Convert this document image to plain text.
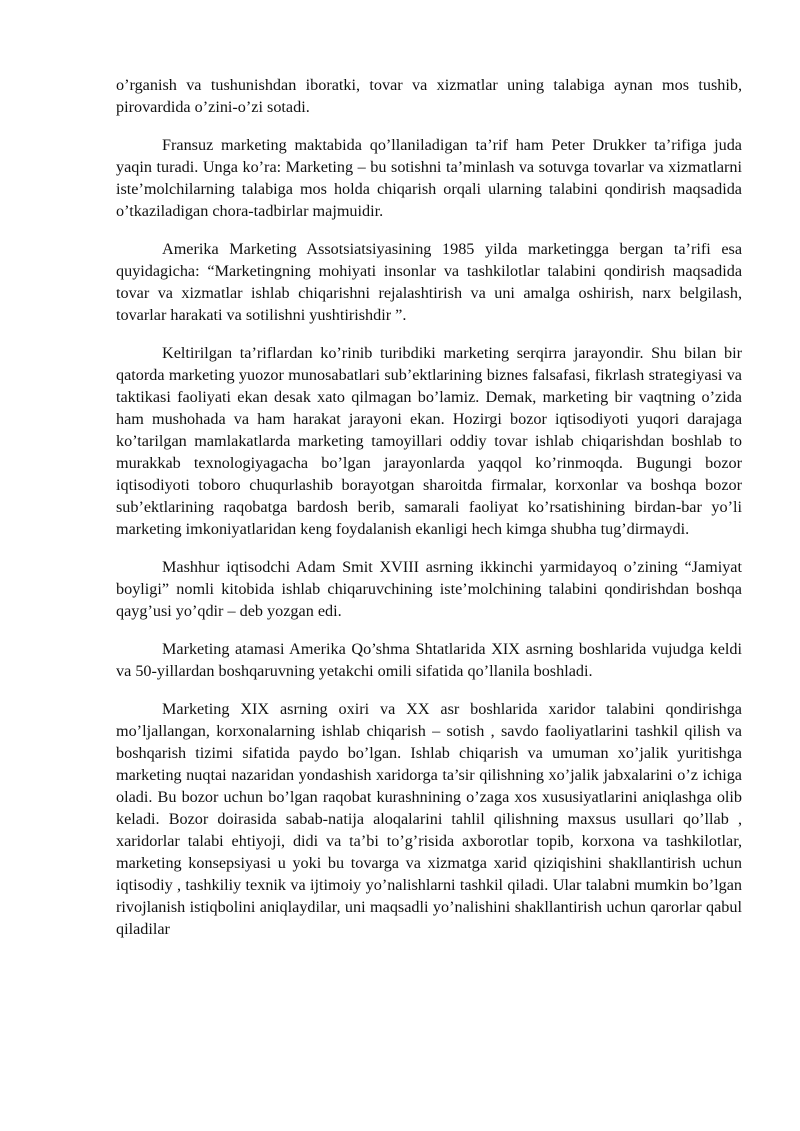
o’rganish va tushunishdan iboratki, tovar va xizmatlar uning talabiga aynan mos tushib, pirovardida o’zini-o’zi sotadi.

Fransuz marketing maktabida qo’llaniladigan ta’rif ham Peter Drukker ta’rifiga juda yaqin turadi. Unga ko’ra: Marketing – bu sotishni ta’minlash va sotuvga tovarlar va xizmatlarni iste’molchilarning talabiga mos holda chiqarish orqali ularning talabini qondirish maqsadida o’tkaziladigan chora-tadbirlar majmuidir.

Amerika Marketing Assotsiatsiyasining 1985 yilda marketingga bergan ta’rifi esa quyidagicha: “Marketingning mohiyati insonlar va tashkilotlar talabini qondirish maqsadida tovar va xizmatlar ishlab chiqarishni rejalashtirish va uni amalga oshirish, narx belgilash, tovarlar harakati va sotilishni yushtirishdir ”.

Keltirilgan ta’riflardan ko’rinib turibdiki marketing serqirra jarayondir. Shu bilan bir qatorda marketing yuozor munosabatlari sub’ektlarining biznes falsafasi, fikrlash strategiyasi va taktikasi faoliyati ekan desak xato qilmagan bo’lamiz. Demak, marketing bir vaqtning o’zida ham mushohada va ham harakat jarayoni ekan. Hozirgi bozor iqtisodiyoti yuqori darajaga ko’tarilgan mamlakatlarda marketing tamoyillari oddiy tovar ishlab chiqarishdan boshlab to murakkab texnologiyagacha bo’lgan jarayonlarda yaqqol ko’rinmoqda. Bugungi bozor iqtisodiyoti toboro chuqurlashib borayotgan sharoitda firmalar, korxonlar va boshqa bozor sub’ektlarining raqobatga bardosh berib, samarali faoliyat ko’rsatishining birdan-bar yo’li marketing imkoniyatlaridan keng foydalanish ekanligi hech kimga shubha tug’dirmaydi.

Mashhur iqtisodchi Adam Smit XVIII asrning ikkinchi yarmidayoq o’zining “Jamiyat boyligi” nomli kitobida ishlab chiqaruvchining iste’molchining talabini qondirishdan boshqa qayg’usi yo’qdir – deb yozgan edi.

Marketing atamasi Amerika Qo’shma Shtatlarida XIX asrning boshlarida vujudga keldi va 50-yillardan boshqaruvning yetakchi omili sifatida qo’llanila boshladi.

Marketing XIX asrning oxiri va XX asr boshlarida xaridor talabini qondirishga mo’ljallangan, korxonalarning ishlab chiqarish – sotish , savdo faoliyatlarini tashkil qilish va boshqarish tizimi sifatida paydo bo’lgan. Ishlab chiqarish va umuman xo’jalik yuritishga marketing nuqtai nazaridan yondashish xaridorga ta’sir qilishning xo’jalik jabxalarini o’z ichiga oladi. Bu bozor uchun bo’lgan raqobat kurashnining o’zaga xos xususiyatlarini aniqlashga olib keladi. Bozor doirasida sabab-natija aloqalarini tahlil qilishning maxsus usullari qo’llab , xaridorlar talabi ehtiyoji, didi va ta’bi to’g’risida axborotlar topib, korxona va tashkilotlar, marketing konsepsiyasi u yoki bu tovarga va xizmatga xarid qiziqishini shakllantirish uchun iqtisodiy , tashkiliy texnik va ijtimoiy yo’nalishlarni tashkil qiladi. Ular talabni mumkin bo’lgan rivojlanish istiqbolini aniqlaydilar, uni maqsadli yo’nalishini shakllantirish uchun qarorlar qabul qiladilar
